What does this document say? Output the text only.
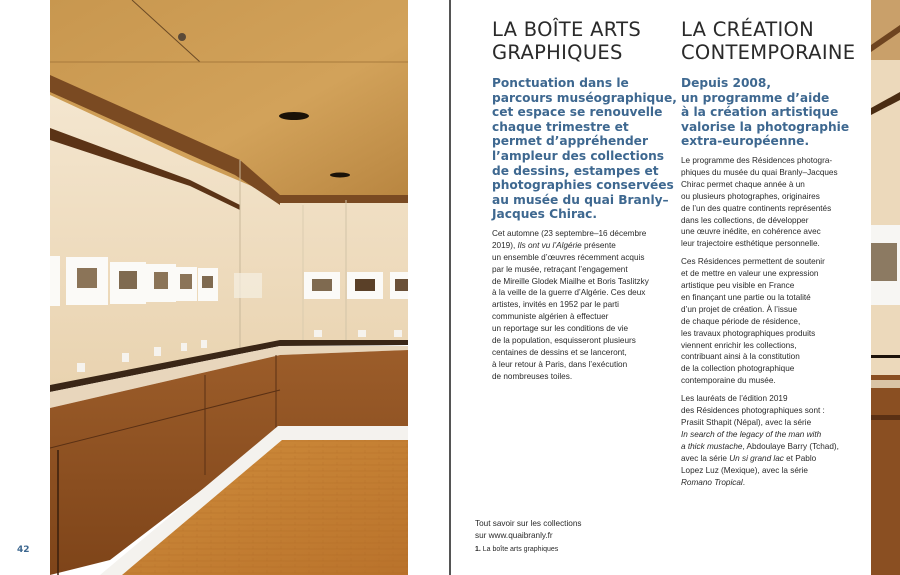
42
LA BOÎTE ARTS
GRAPHIQUES
Ponctuation dans le
parcours muséographique,
cet espace se renouvelle
chaque trimestre et
permet d’appréhender
l’ampleur des collections
de dessins, estampes et
photographies conservées
au musée du quai Branly–
Jacques Chirac.
Cet automne (23 septembre–16 décembre
2019), Ils ont vu l’Algérie présente
un ensemble d’œuvres récemment acquis
par le musée, retraçant l’engagement
de Mireille Glodek Miailhe et Boris Taslitzky
à la veille de la guerre d’Algérie. Ces deux
artistes, invités en 1952 par le parti
communiste algérien à effectuer
un reportage sur les conditions de vie
de la population, esquisseront plusieurs
centaines de dessins et se lanceront,
à leur retour à Paris, dans l’exécution
de nombreuses toiles.
LA CRÉATION
CONTEMPORAINE
Depuis 2008,
un programme d’aide
à la création artistique
valorise la photographie
extra-européenne.
Le programme des Résidences photogra-
phiques du musée du quai Branly–Jacques
Chirac permet chaque année à un
ou plusieurs photographes, originaires
de l’un des quatre continents représentés
dans les collections, de développer
une œuvre inédite, en cohérence avec
leur trajectoire esthétique personnelle.
Ces Résidences permettent de soutenir
et de mettre en valeur une expression
artistique peu visible en France
en finançant une partie ou la totalité
d’un projet de création. À l’issue
de chaque période de résidence,
les travaux photographiques produits
viennent enrichir les collections,
contribuant ainsi à la constitution
de la collection photographique
contemporaine du musée.
Les lauréats de l’édition 2019
des Résidences photographiques sont :
Prasiit Sthapit (Népal), avec la série
In search of the legacy of the man with
a thick mustache, Abdoulaye Barry (Tchad),
avec la série Un si grand lac et Pablo
Lopez Luz (Mexique), avec la série
Romano Tropical.
Tout savoir sur les collections
sur www.quaibranly.fr
1. La boîte arts graphiques
